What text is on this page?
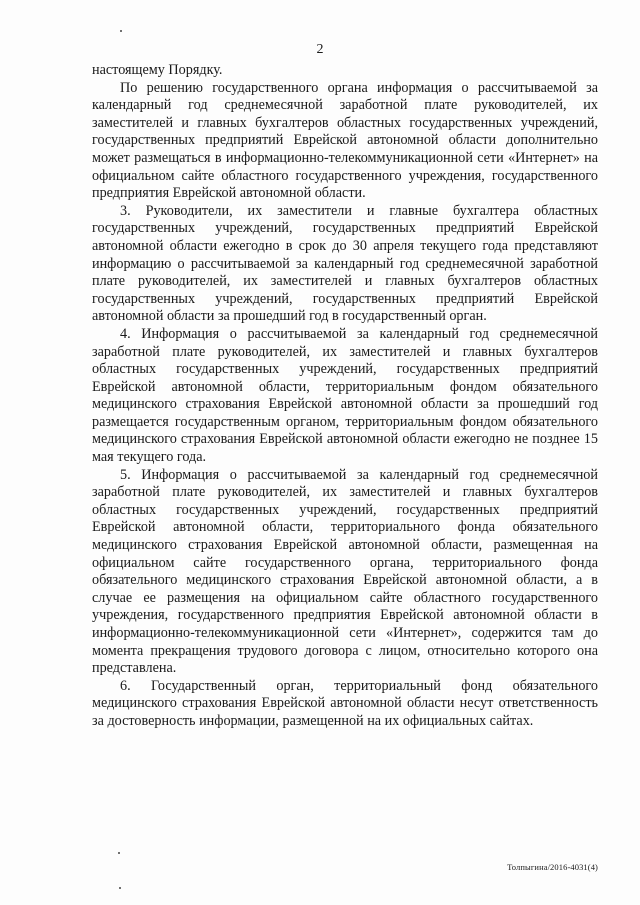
2

настоящему Порядку.

По решению государственного органа информация о рассчитываемой за календарный год среднемесячной заработной плате руководителей, их заместителей и главных бухгалтеров областных государственных учреждений, государственных предприятий Еврейской автономной области дополнительно может размещаться в информационно-телекоммуникационной сети «Интернет» на официальном сайте областного государственного учреждения, государственного предприятия Еврейской автономной области.

3. Руководители, их заместители и главные бухгалтера областных государственных учреждений, государственных предприятий Еврейской автономной области ежегодно в срок до 30 апреля текущего года представляют информацию о рассчитываемой за календарный год среднемесячной заработной плате руководителей, их заместителей и главных бухгалтеров областных государственных учреждений, государственных предприятий Еврейской автономной области за прошедший год в государственный орган.

4. Информация о рассчитываемой за календарный год среднемесячной заработной плате руководителей, их заместителей и главных бухгалтеров областных государственных учреждений, государственных предприятий Еврейской автономной области, территориальным фондом обязательного медицинского страхования Еврейской автономной области за прошедший год размещается государственным органом, территориальным фондом обязательного медицинского страхования Еврейской автономной области ежегодно не позднее 15 мая текущего года.

5. Информация о рассчитываемой за календарный год среднемесячной заработной плате руководителей, их заместителей и главных бухгалтеров областных государственных учреждений, государственных предприятий Еврейской автономной области, территориального фонда обязательного медицинского страхования Еврейской автономной области, размещенная на официальном сайте государственного органа, территориального фонда обязательного медицинского страхования Еврейской автономной области, а в случае ее размещения на официальном сайте областного государственного учреждения, государственного предприятия Еврейской автономной области в информационно-телекоммуникационной сети «Интернет», содержится там до момента прекращения трудового договора с лицом, относительно которого она представлена.

6. Государственный орган, территориальный фонд обязательного медицинского страхования Еврейской автономной области несут ответственность за достоверность информации, размещенной на их официальных сайтах.

Толпыгина/2016-4031(4)
